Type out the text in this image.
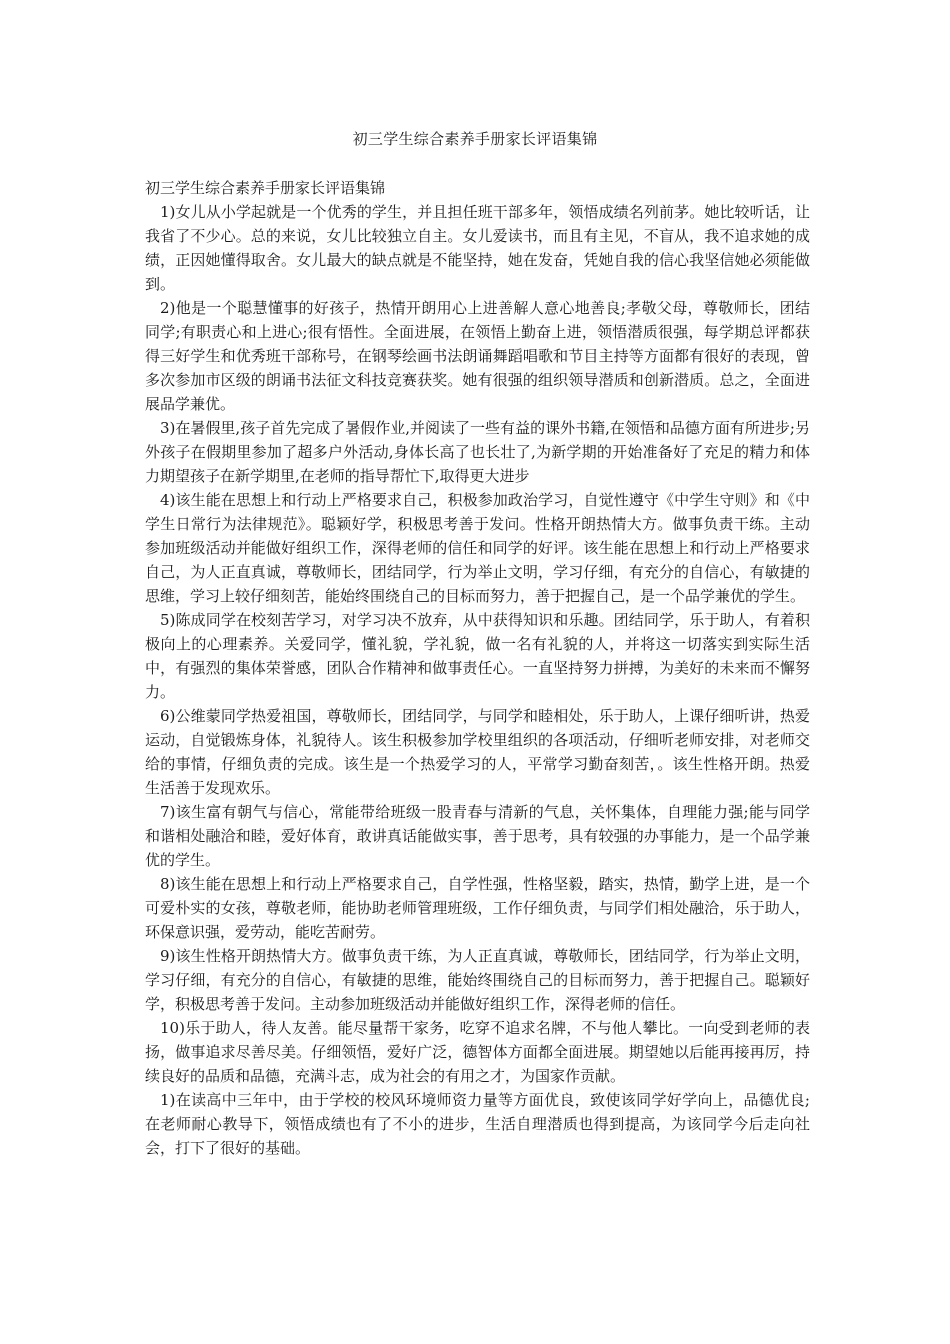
初三学生综合素养手册家长评语集锦

初三学生综合素养手册家长评语集锦

1)女儿从小学起就是一个优秀的学生，并且担任班干部多年，领悟成绩名列前茅。她比较听话，让我省了不少心。总的来说，女儿比较独立自主。女儿爱读书，而且有主见，不盲从，我不追求她的成绩，正因她懂得取舍。女儿最大的缺点就是不能坚持，她在发奋，凭她自我的信心我坚信她必须能做到。

2)他是一个聪慧懂事的好孩子，热情开朗用心上进善解人意心地善良;孝敬父母，尊敬师长，团结同学;有职责心和上进心;很有悟性。全面进展，在领悟上勤奋上进，领悟潜质很强，每学期总评都获得三好学生和优秀班干部称号，在钢琴绘画书法朗诵舞蹈唱歌和节目主持等方面都有很好的表现，曾多次参加市区级的朗诵书法征文科技竞赛获奖。她有很强的组织领导潜质和创新潜质。总之，全面进展品学兼优。

3)在暑假里,孩子首先完成了暑假作业,并阅读了一些有益的课外书籍,在领悟和品德方面有所进步;另外孩子在假期里参加了超多户外活动,身体长高了也长壮了,为新学期的开始准备好了充足的精力和体力期望孩子在新学期里,在老师的指导帮忙下,取得更大进步

4)该生能在思想上和行动上严格要求自己，积极参加政治学习，自觉性遵守《中学生守则》和《中学生日常行为法律规范》。聪颖好学，积极思考善于发问。性格开朗热情大方。做事负责干练。主动参加班级活动并能做好组织工作，深得老师的信任和同学的好评。该生能在思想上和行动上严格要求自己，为人正直真诚，尊敬师长，团结同学，行为举止文明，学习仔细，有充分的自信心，有敏捷的思维，学习上较仔细刻苦，能始终围绕自己的目标而努力，善于把握自己，是一个品学兼优的学生。

5)陈成同学在校刻苦学习，对学习决不放弃，从中获得知识和乐趣。团结同学，乐于助人，有着积极向上的心理素养。关爱同学，懂礼貌，学礼貌，做一名有礼貌的人，并将这一切落实到实际生活中，有强烈的集体荣誉感，团队合作精神和做事责任心。一直坚持努力拼搏，为美好的未来而不懈努力。

6)公维蒙同学热爱祖国，尊敬师长，团结同学，与同学和睦相处，乐于助人，上课仔细听讲，热爱运动，自觉锻炼身体，礼貌待人。该生积极参加学校里组织的各项活动，仔细听老师安排，对老师交给的事情，仔细负责的完成。该生是一个热爱学习的人，平常学习勤奋刻苦，。该生性格开朗。热爱生活善于发现欢乐。

7)该生富有朝气与信心，常能带给班级一股青春与清新的气息，关怀集体，自理能力强;能与同学和谐相处融洽和睦，爱好体育，敢讲真话能做实事，善于思考，具有较强的办事能力，是一个品学兼优的学生。

8)该生能在思想上和行动上严格要求自己，自学性强，性格坚毅，踏实，热情，勤学上进，是一个可爱朴实的女孩，尊敬老师，能协助老师管理班级，工作仔细负责，与同学们相处融洽，乐于助人，环保意识强，爱劳动，能吃苦耐劳。

9)该生性格开朗热情大方。做事负责干练，为人正直真诚，尊敬师长，团结同学，行为举止文明，学习仔细，有充分的自信心，有敏捷的思维，能始终围绕自己的目标而努力，善于把握自己。聪颖好学，积极思考善于发问。主动参加班级活动并能做好组织工作，深得老师的信任。

10)乐于助人，待人友善。能尽量帮干家务，吃穿不追求名牌，不与他人攀比。一向受到老师的表扬，做事追求尽善尽美。仔细领悟，爱好广泛，德智体方面都全面进展。期望她以后能再接再厉，持续良好的品质和品德，充满斗志，成为社会的有用之才，为国家作贡献。

1)在读高中三年中，由于学校的校风环境师资力量等方面优良，致使该同学好学向上，品德优良;在老师耐心教导下，领悟成绩也有了不小的进步，生活自理潜质也得到提高，为该同学今后走向社会，打下了很好的基础。
